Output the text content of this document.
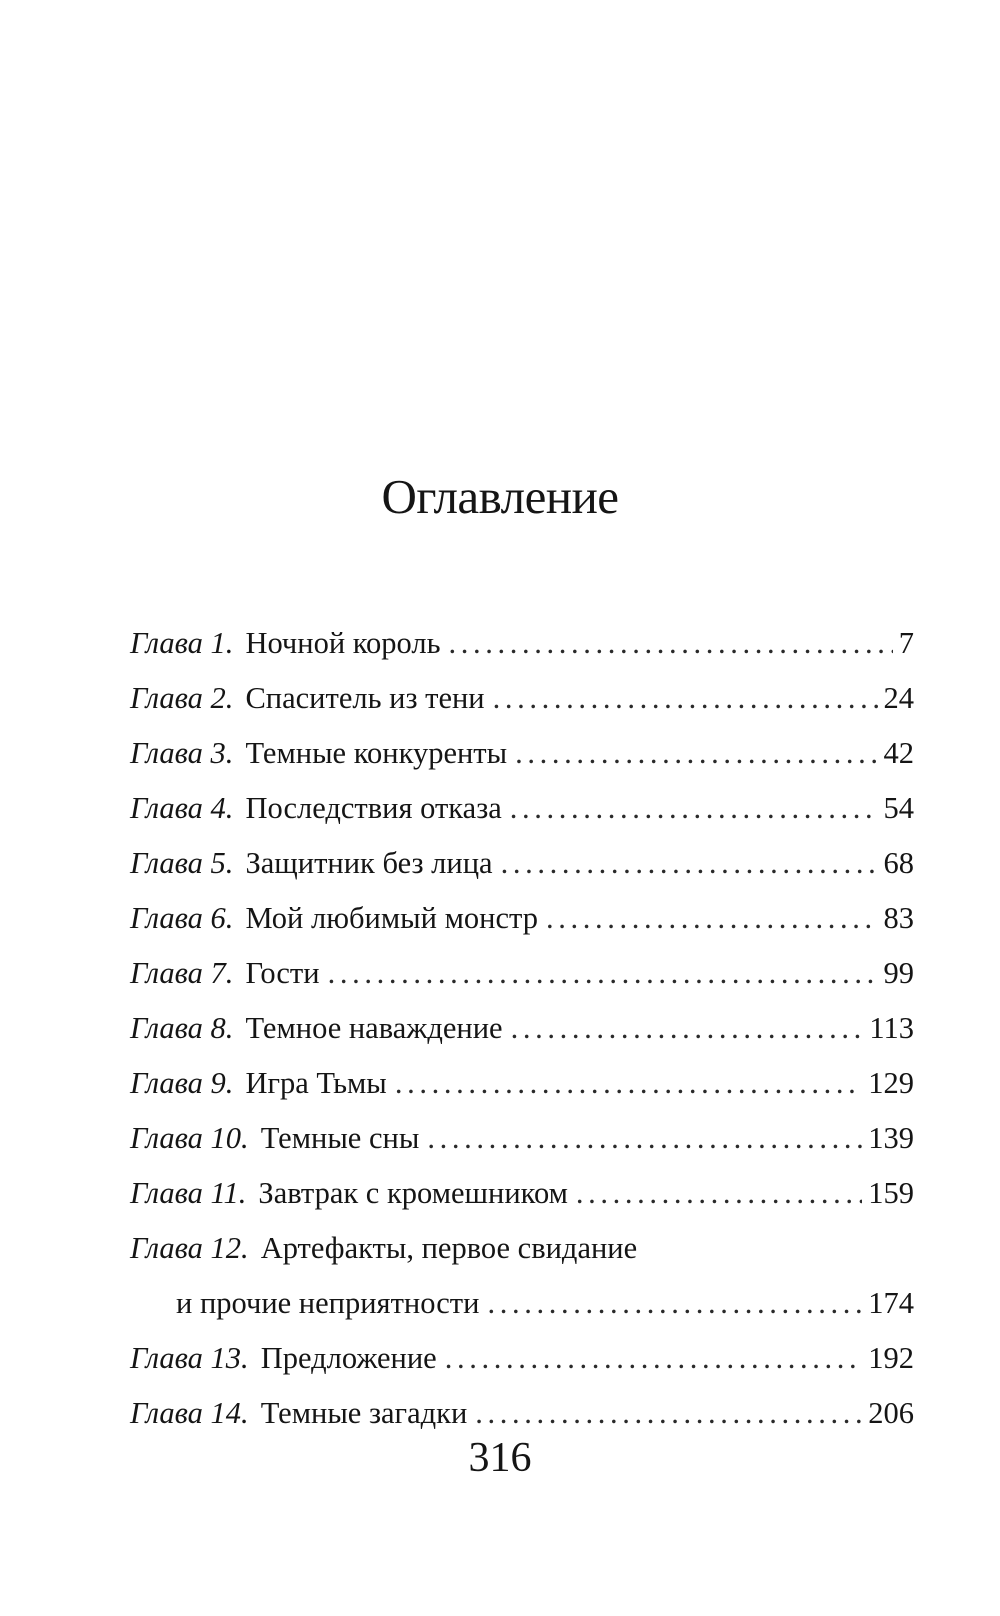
Оглавление
Глава 1. Ночной король . . .	7
Глава 2. Спаситель из тени . . .	24
Глава 3. Темные конкуренты . . .	42
Глава 4. Последствия отказа . . .	54
Глава 5. Защитник без лица . . .	68
Глава 6. Мой любимый монстр . . .	83
Глава 7. Гости . . .	99
Глава 8. Темное наваждение . . .	113
Глава 9. Игра Тьмы . . .	129
Глава 10. Темные сны . . .	139
Глава 11. Завтрак с кромешником . . .	159
Глава 12. Артефакты, первое свидание
и прочие неприятности . . .	174
Глава 13. Предложение . . .	192
Глава 14. Темные загадки . . .	206
316
